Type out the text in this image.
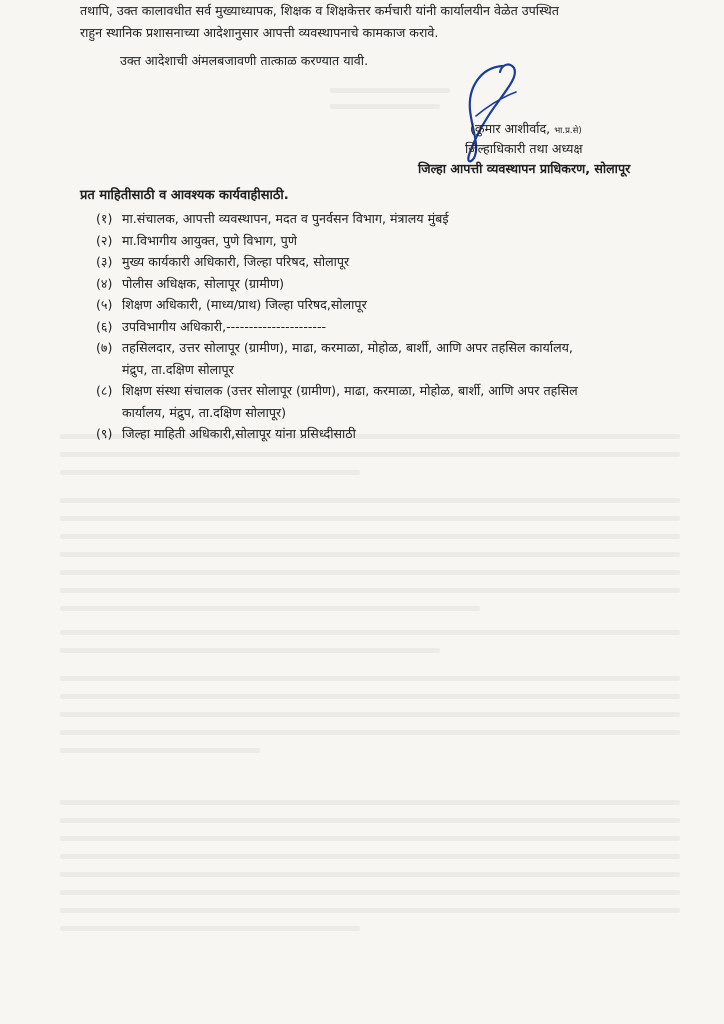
तथापि, उक्त कालावधीत सर्व मुख्याध्यापक, शिक्षक व शिक्षकेत्तर कर्मचारी यांनी कार्यालयीन वेळेत उपस्थित

राहुन स्थानिक प्रशासनाच्या आदेशानुसार आपत्ती व्यवस्थापनाचे कामकाज करावे.

उक्त आदेशाची अंमलबजावणी तात्काळ करण्यात यावी.

(कुमार आशीर्वाद, भा.प्र.से)
जिल्हाधिकारी तथा अध्यक्ष
जिल्हा आपत्ती व्यवस्थापन प्राधिकरण, सोलापूर
प्रत माहितीसाठी व आवश्यक कार्यवाहीसाठी.
(१) मा.संचालक, आपत्ती व्यवस्थापन, मदत व पुनर्वसन विभाग, मंत्रालय मुंबई
(२) मा.विभागीय आयुक्त, पुणे विभाग, पुणे
(३) मुख्य कार्यकारी अधिकारी, जिल्हा परिषद, सोलापूर
(४) पोलीस अधिक्षक, सोलापूर (ग्रामीण)
(५) शिक्षण अधिकारी, (माध्य/प्राथ) जिल्हा परिषद,सोलापूर
(६) उपविभागीय अधिकारी,----------------------
(७) तहसिलदार, उत्तर सोलापूर (ग्रामीण), माढा, करमाळा, मोहोळ, बार्शी, आणि अपर तहसिल कार्यालय,
मंद्रुप, ता.दक्षिण सोलापूर
(८) शिक्षण संस्था संचालक (उत्तर सोलापूर (ग्रामीण), माढा, करमाळा, मोहोळ, बार्शी, आणि अपर तहसिल
कार्यालय, मंद्रुप, ता.दक्षिण सोलापूर)
(९) जिल्हा माहिती अधिकारी,सोलापूर यांना प्रसिध्दीसाठी
